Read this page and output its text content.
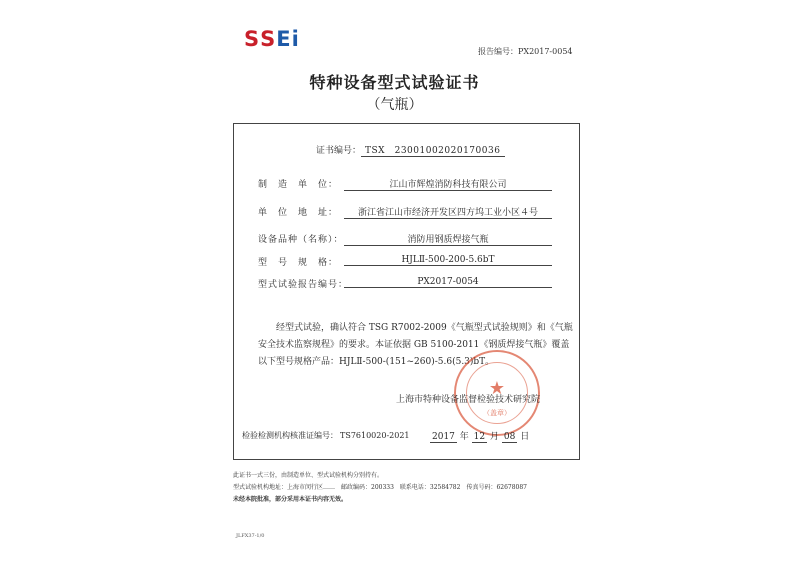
S S E i
报告编号：PX2017-0054
特种设备型式试验证书
（气瓶）
证书编号： TSX　23001002020170036
制　造　单　位：	江山市辉煌消防科技有限公司
单　位　地　址：	浙江省江山市经济开发区四方坞工业小区４号
设备品种（名称）：	消防用钢质焊接气瓶
型　号　规　格：	HJLⅡ-500-200-5.6bT
型式试验报告编号：	PX2017-0054

经型式试验，确认符合 TSG R7002-2009《气瓶型式试验规则》和《气瓶

安全技术监察规程》的要求。本证依据 GB 5100-2011《钢质焊接气瓶》覆盖

以下型号规格产品：HJLⅡ-500-(151~260)-5.6(5.3)bT。

★
（盖章）
上海市特种设备监督检验技术研究院
检验检测机构核准证编号： TS7610020-2021 2017 年 12 月 08 日
此证书一式三份，由制造单位、型式试验机构分别持有。
型式试验机构地址：上海市闵行区……　邮政编码：200333　联系电话：32584782　传真号码：62678087
未经本院批准，部分采用本证书内容无效。
JLFX37-1/0
